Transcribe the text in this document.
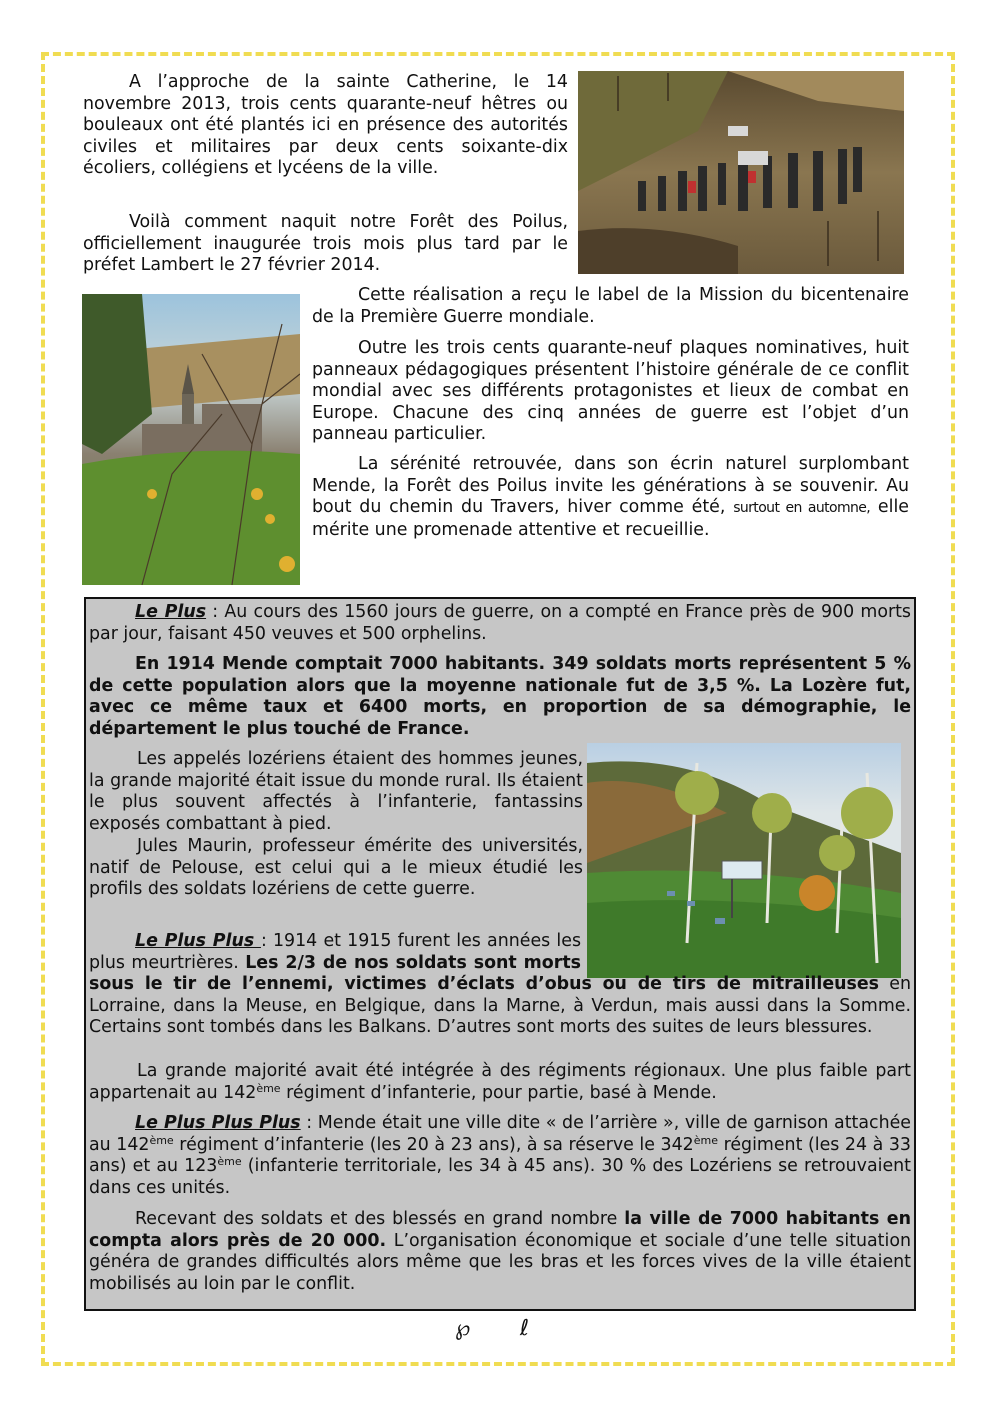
A l’approche de la sainte Catherine, le 14 novembre 2013, trois cents quarante-neuf hêtres ou bouleaux ont été plantés ici en présence des autorités civiles et militaires par deux cents soixante-dix écoliers, collégiens et lycéens de la ville.

Voilà comment naquit notre Forêt des Poilus, officiellement inaugurée trois mois plus tard par le préfet Lambert le 27 février 2014.

Cette réalisation a reçu le label de la Mission du bicentenaire de la Première Guerre mondiale.

Outre les trois cents quarante-neuf plaques nominatives, huit panneaux pédagogiques présentent l’histoire générale de ce conflit mondial avec ses différents protagonistes et lieux de combat en Europe. Chacune des cinq années de guerre est l’objet d’un panneau particulier.

La sérénité retrouvée, dans son écrin naturel surplombant Mende, la Forêt des Poilus invite les générations à se souvenir. Au bout du chemin du Travers, hiver comme été, surtout en automne, elle mérite une promenade attentive et recueillie.

Le Plus : Au cours des 1560 jours de guerre, on a compté en France près de 900 morts par jour, faisant 450 veuves et 500 orphelins.

En 1914 Mende comptait 7000 habitants. 349 soldats morts représentent 5 % de cette population alors que la moyenne nationale fut de 3,5 %. La Lozère fut, avec ce même taux et 6400 morts, en proportion de sa démographie, le département le plus touché de France.

Les appelés lozériens étaient des hommes jeunes, la grande majorité était issue du monde rural. Ils étaient le plus souvent affectés à l’infanterie, fantassins exposés combattant à pied.

Jules Maurin, professeur émérite des universités, natif de Pelouse, est celui qui a le mieux étudié les profils des soldats lozériens de cette guerre.

Le Plus Plus : 1914 et 1915 furent les années les plus meurtrières. Les 2/3 de nos soldats sont morts sous le tir de l’ennemi, victimes d’éclats d’obus ou de tirs de mitrailleuses en Lorraine, dans la Meuse, en Belgique, dans la Marne, à Verdun, mais aussi dans la Somme. Certains sont tombés dans les Balkans. D’autres sont morts des suites de leurs blessures.

La grande majorité avait été intégrée à des régiments régionaux. Une plus faible part appartenait au 142ème régiment d’infanterie, pour partie, basé à Mende.

Le Plus Plus Plus : Mende était une ville dite « de l’arrière », ville de garnison attachée au 142ème régiment d’infanterie (les 20 à 23 ans), à sa réserve le 342ème régiment (les 24 à 33 ans) et au 123ème (infanterie territoriale, les 34 à 45 ans). 30 % des Lozériens se retrouvaient dans ces unités.

Recevant des soldats et des blessés en grand nombre la ville de 7000 habitants en compta alors près de 20 000. L’organisation économique et sociale d’une telle situation généra de grandes difficultés alors même que les bras et les forces vives de la ville étaient mobilisés au loin par le conflit.

℘ ℓ
